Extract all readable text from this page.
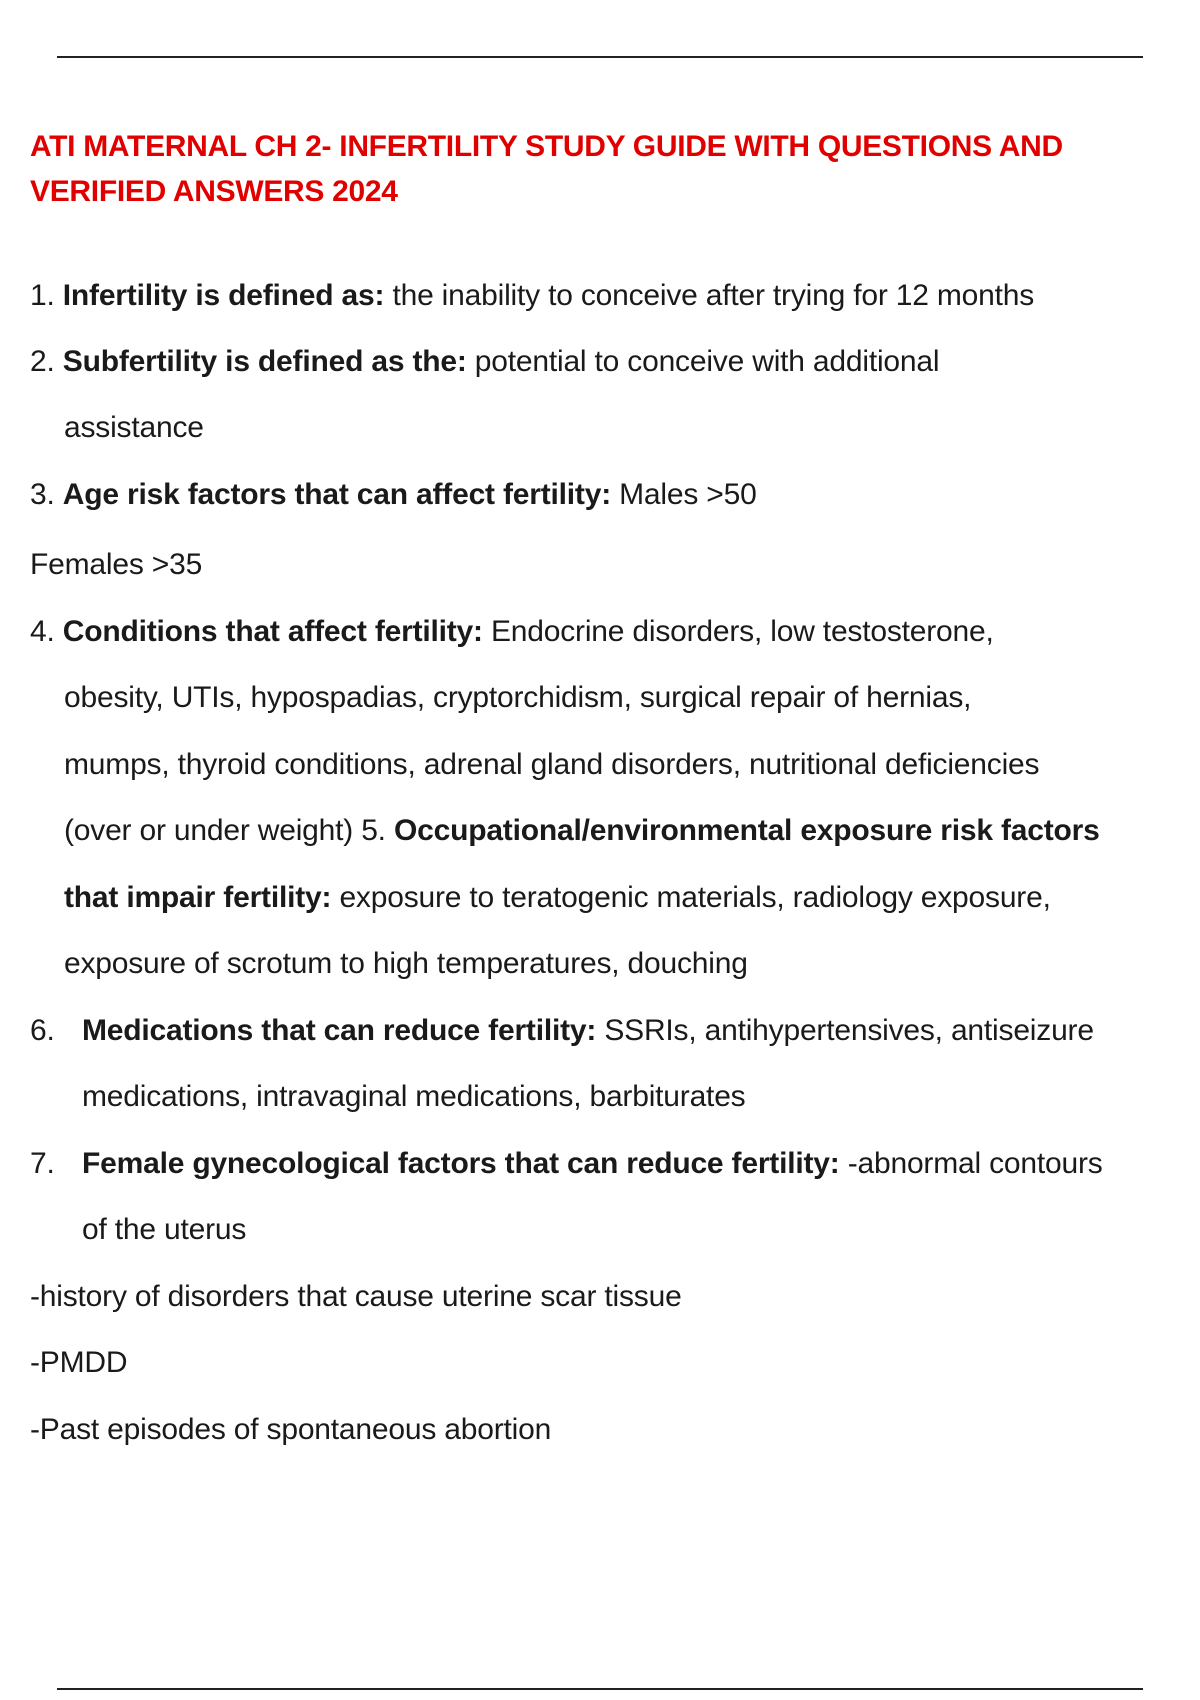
ATI MATERNAL CH 2- INFERTILITY STUDY GUIDE WITH QUESTIONS AND VERIFIED ANSWERS 2024
1. Infertility is defined as: the inability to conceive after trying for 12 months
2. Subfertility is defined as the: potential to conceive with additional
assistance
3. Age risk factors that can affect fertility: Males >50
Females >35
4. Conditions that affect fertility: Endocrine disorders, low testosterone,
obesity, UTIs, hypospadias, cryptorchidism, surgical repair of hernias,
mumps, thyroid conditions, adrenal gland disorders, nutritional deficiencies
(over or under weight) 5. Occupational/environmental exposure risk factors
that impair fertility: exposure to teratogenic materials, radiology exposure,
exposure of scrotum to high temperatures, douching
6. Medications that can reduce fertility: SSRIs, antihypertensives, antiseizure
medications, intravaginal medications, barbiturates
7. Female gynecological factors that can reduce fertility: -abnormal contours
of the uterus
-history of disorders that cause uterine scar tissue
-PMDD
-Past episodes of spontaneous abortion
